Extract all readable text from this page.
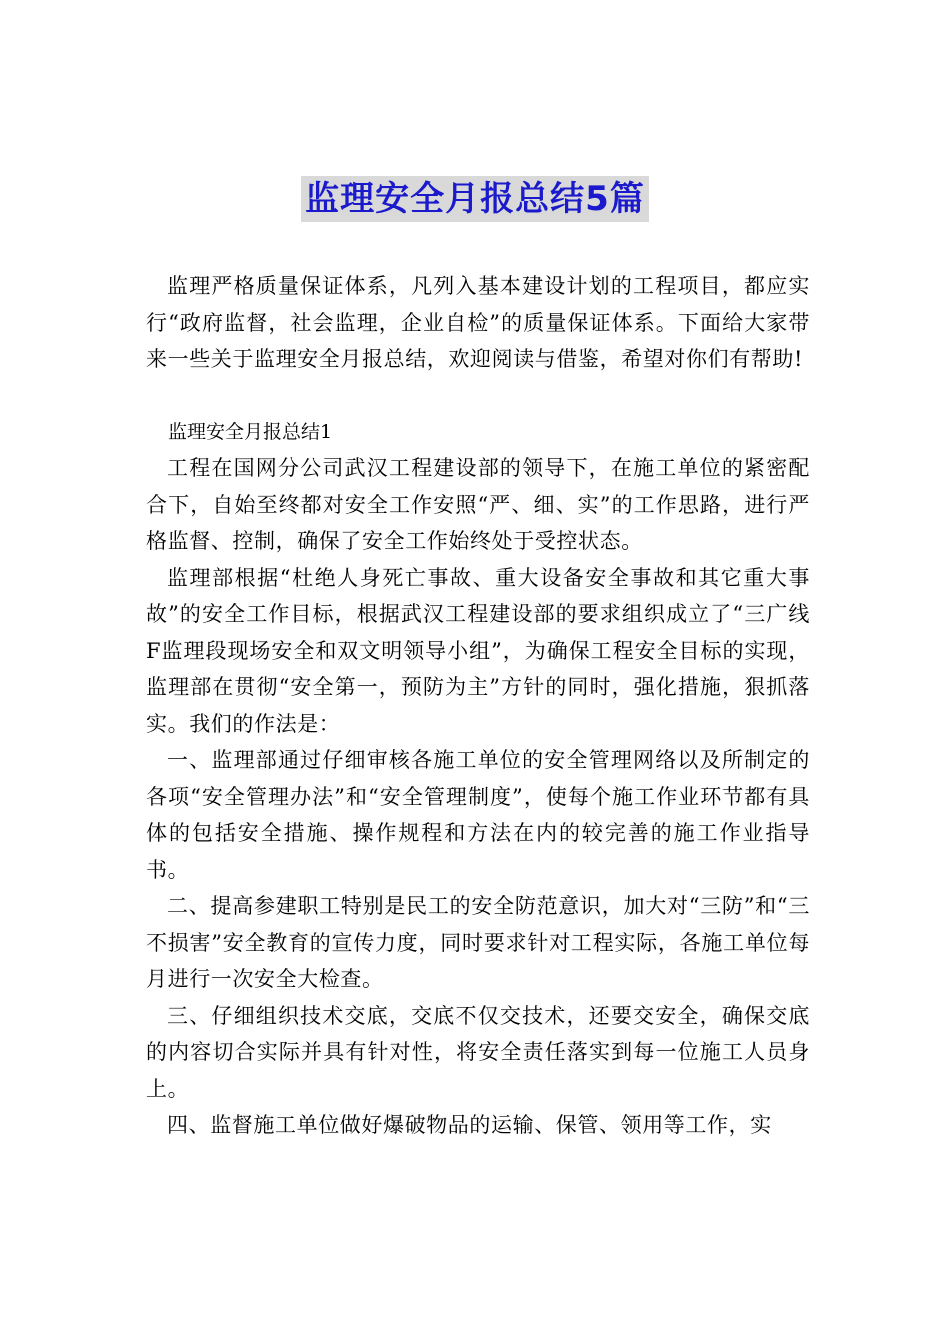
监理安全月报总结5篇

监理严格质量保证体系，凡列入基本建设计划的工程项目，都应实行“政府监督，社会监理，企业自检”的质量保证体系。下面给大家带来一些关于监理安全月报总结，欢迎阅读与借鉴，希望对你们有帮助!

监理安全月报总结1

工程在国网分公司武汉工程建设部的领导下，在施工单位的紧密配合下，自始至终都对安全工作安照“严、细、实”的工作思路，进行严格监督、控制，确保了安全工作始终处于受控状态。

监理部根据“杜绝人身死亡事故、重大设备安全事故和其它重大事故”的安全工作目标，根据武汉工程建设部的要求组织成立了“三广线F监理段现场安全和双文明领导小组”，为确保工程安全目标的实现，监理部在贯彻“安全第一，预防为主”方针的同时，强化措施，狠抓落实。我们的作法是：

一、监理部通过仔细审核各施工单位的安全管理网络以及所制定的各项“安全管理办法”和“安全管理制度”，使每个施工作业环节都有具体的包括安全措施、操作规程和方法在内的较完善的施工作业指导书。

二、提高参建职工特别是民工的安全防范意识，加大对“三防”和“三不损害”安全教育的宣传力度，同时要求针对工程实际，各施工单位每月进行一次安全大检查。

三、仔细组织技术交底，交底不仅交技术，还要交安全，确保交底的内容切合实际并具有针对性，将安全责任落实到每一位施工人员身上。

四、监督施工单位做好爆破物品的运输、保管、领用等工作，实
